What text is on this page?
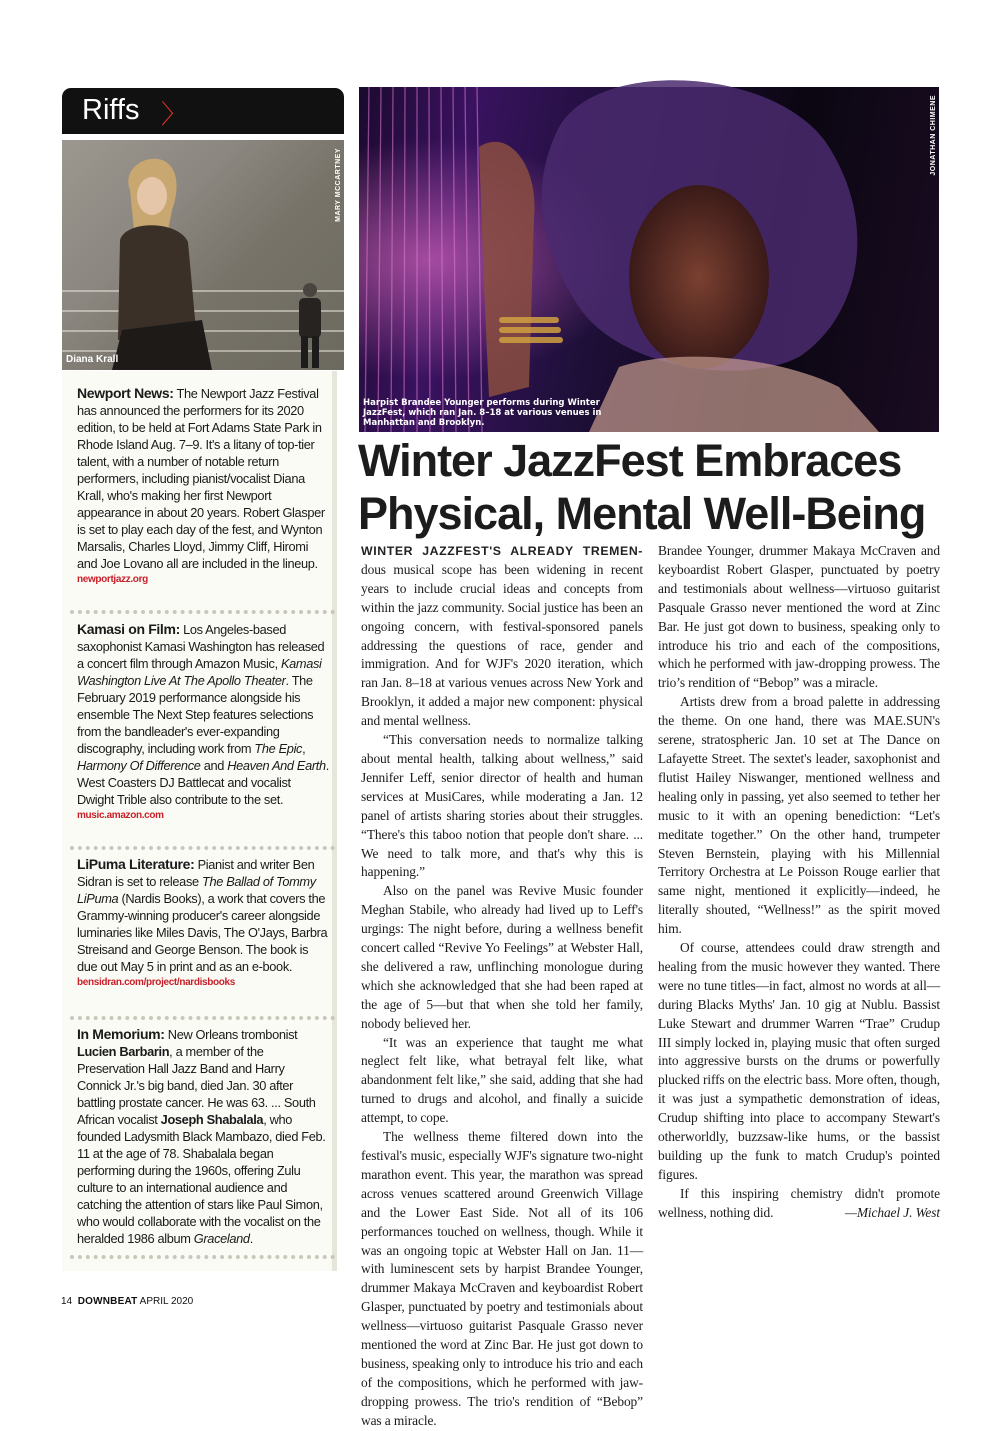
Riffs 〉
MARY MCCARTNEY
Diana Krall
Newport News: The Newport Jazz Festival has announced the performers for its 2020 edition, to be held at Fort Adams State Park in Rhode Island Aug. 7–9. It's a litany of top-tier talent, with a number of notable return performers, including pianist/vocalist Diana Krall, who's making her first Newport appearance in about 20 years. Robert Glasper is set to play each day of the fest, and Wynton Marsalis, Charles Lloyd, Jimmy Cliff, Hiromi and Joe Lovano all are included in the lineup.
newportjazz.org
Kamasi on Film: Los Angeles-based saxophonist Kamasi Washington has released a concert film through Amazon Music, Kamasi Washington Live At The Apollo Theater. The February 2019 performance alongside his ensemble The Next Step features selections from the bandleader's ever-expanding discography, including work from The Epic, Harmony Of Difference and Heaven And Earth. West Coasters DJ Battlecat and vocalist Dwight Trible also contribute to the set.
music.amazon.com
LiPuma Literature: Pianist and writer Ben Sidran is set to release The Ballad of Tommy LiPuma (Nardis Books), a work that covers the Grammy-winning producer's career alongside luminaries like Miles Davis, The O'Jays, Barbra Streisand and George Benson. The book is due out May 5 in print and as an e-book.
bensidran.com/project/nardisbooks
In Memorium: New Orleans trombonist Lucien Barbarin, a member of the Preservation Hall Jazz Band and Harry Connick Jr.'s big band, died Jan. 30 after battling prostate cancer. He was 63. ... South African vocalist Joseph Shabalala, who founded Ladysmith Black Mambazo, died Feb. 11 at the age of 78. Shabalala began performing during the 1960s, offering Zulu culture to an international audience and catching the attention of stars like Paul Simon, who would collaborate with the vocalist on the heralded 1986 album Graceland.
JONATHAN CHIMENE
Harpist Brandee Younger performs during Winter JazzFest, which ran Jan. 8–18 at various venues in Manhattan and Brooklyn.
Winter JazzFest Embraces Physical, Mental Well-Being

WINTER JAZZFEST'S ALREADY TREMEN- dous musical scope has been widening in recent years to include crucial ideas and concepts from within the jazz community. Social justice has been an ongoing concern, with festival-sponsored panels addressing the questions of race, gender and immigration. And for WJF's 2020 iteration, which ran Jan. 8–18 at various venues across New York and Brooklyn, it added a major new component: physical and mental wellness.

“This conversation needs to normalize talking about mental health, talking about wellness,” said Jennifer Leff, senior director of health and human services at MusiCares, while moderating a Jan. 12 panel of artists sharing stories about their struggles. “There's this taboo notion that people don't share. ... We need to talk more, and that's why this is happening.”

Also on the panel was Revive Music founder Meghan Stabile, who already had lived up to Leff's urgings: The night before, during a wellness benefit concert called “Revive Yo Feelings” at Webster Hall, she delivered a raw, unflinching monologue during which she acknowledged that she had been raped at the age of 5—but that when she told her family, nobody believed her.

“It was an experience that taught me what neglect felt like, what betrayal felt like, what abandonment felt like,” she said, adding that she had turned to drugs and alcohol, and finally a suicide attempt, to cope.

The wellness theme filtered down into the festival's music, especially WJF's signature two-night marathon event. This year, the marathon was spread across venues scattered around Greenwich Village and the Lower East Side. Not all of its 106 performances touched on wellness, though. While it was an ongoing topic at Webster Hall on Jan. 11—with luminescent sets by harpist Brandee Younger, drummer Makaya McCraven and keyboardist Robert Glasper, punctuated by poetry and testimonials about wellness—virtuoso guitarist Pasquale Grasso never mentioned the word at Zinc Bar. He just got down to business, speaking only to introduce his trio and each of the compositions, which he performed with jaw-dropping prowess. The trio's rendition of “Bebop” was a miracle.

Brandee Younger, drummer Makaya McCraven and keyboardist Robert Glasper, punctuated by poetry and testimonials about wellness—virtuoso guitarist Pasquale Grasso never mentioned the word at Zinc Bar. He just got down to business, speaking only to introduce his trio and each of the compositions, which he performed with jaw-dropping prowess. The trio’s rendition of “Bebop” was a miracle.

Artists drew from a broad palette in addressing the theme. On one hand, there was MAE.SUN's serene, stratospheric Jan. 10 set at The Dance on Lafayette Street. The sextet's leader, saxophonist and flutist Hailey Niswanger, mentioned wellness and healing only in passing, yet also seemed to tether her music to it with an opening benediction: “Let's meditate together.” On the other hand, trumpeter Steven Bernstein, playing with his Millennial Territory Orchestra at Le Poisson Rouge earlier that same night, mentioned it explicitly—indeed, he literally shouted, “Wellness!” as the spirit moved him.

Of course, attendees could draw strength and healing from the music however they wanted. There were no tune titles—in fact, almost no words at all—during Blacks Myths' Jan. 10 gig at Nublu. Bassist Luke Stewart and drummer Warren “Trae” Crudup III simply locked in, playing music that often surged into aggressive bursts on the drums or powerfully plucked riffs on the electric bass. More often, though, it was just a sympathetic demonstration of ideas, Crudup shifting into place to accompany Stewart's otherworldly, buzzsaw-like hums, or the bassist building up the funk to match Crudup's pointed figures.

If this inspiring chemistry didn't promote wellness, nothing did.	—Michael J. West

14 DOWNBEAT APRIL 2020
